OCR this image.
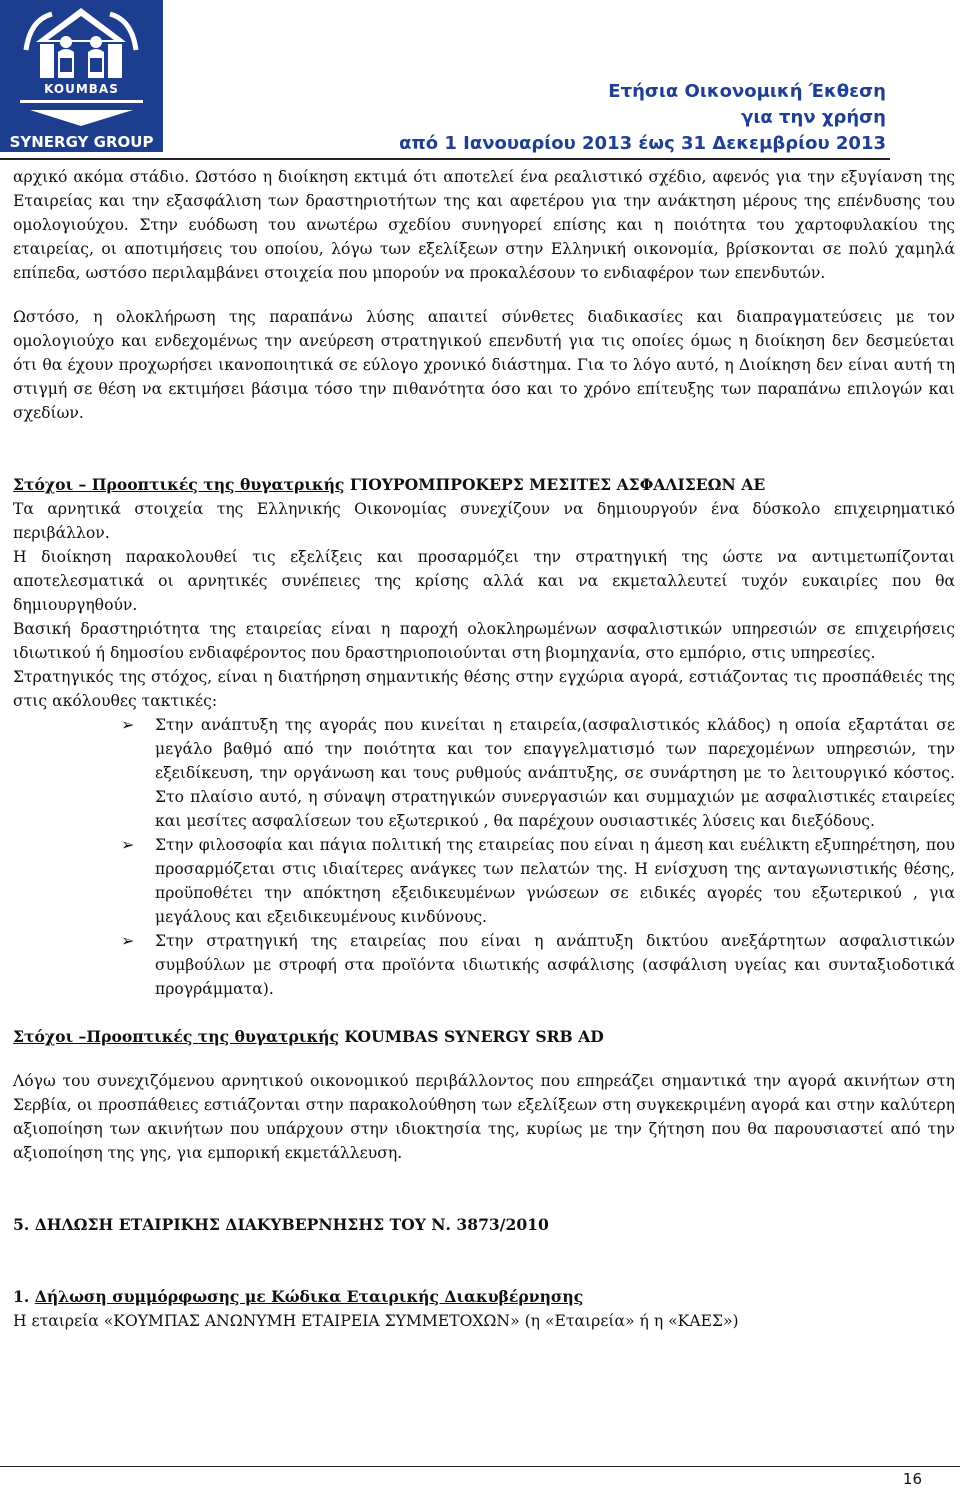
KOUMBAS
SYNERGY GROUP
Ετήσια Οικονομική Έκθεση
για την χρήση
από 1 Ιανουαρίου 2013 έως 31 Δεκεμβρίου 2013

αρχικό ακόμα στάδιο. Ωστόσο η διοίκηση εκτιμά ότι αποτελεί ένα ρεαλιστικό σχέδιο, αφενός για την εξυγίανση της Εταιρείας και την εξασφάλιση των δραστηριοτήτων της και αφετέρου για την ανάκτηση μέρους της επένδυσης του ομολογιούχου. Στην ευόδωση του ανωτέρω σχεδίου συνηγορεί επίσης και η ποιότητα του χαρτοφυλακίου της εταιρείας, οι αποτιμήσεις του οποίου, λόγω των εξελίξεων στην Ελληνική οικονομία, βρίσκονται σε πολύ χαμηλά επίπεδα, ωστόσο περιλαμβάνει στοιχεία που μπορούν να προκαλέσουν το ενδιαφέρον των επενδυτών.

Ωστόσο, η ολοκλήρωση της παραπάνω λύσης απαιτεί σύνθετες διαδικασίες και διαπραγματεύσεις με τον ομολογιούχο και ενδεχομένως την ανεύρεση στρατηγικού επενδυτή για τις οποίες όμως η διοίκηση δεν δεσμεύεται ότι θα έχουν προχωρήσει ικανοποιητικά σε εύλογο χρονικό διάστημα. Για το λόγο αυτό, η Διοίκηση δεν είναι αυτή τη στιγμή σε θέση να εκτιμήσει βάσιμα τόσο την πιθανότητα όσο και το χρόνο επίτευξης των παραπάνω επιλογών και σχεδίων.

Στόχοι – Προοπτικές της θυγατρικής ΓΙΟΥΡΟΜΠΡΟΚΕΡΣ ΜΕΣΙΤΕΣ ΑΣΦΑΛΙΣΕΩΝ ΑΕ

Τα αρνητικά στοιχεία της Ελληνικής Οικονομίας συνεχίζουν να δημιουργούν ένα δύσκολο επιχειρηματικό περιβάλλον.

Η διοίκηση παρακολουθεί τις εξελίξεις και προσαρμόζει την στρατηγική της ώστε να αντιμετωπίζονται αποτελεσματικά οι αρνητικές συνέπειες της κρίσης αλλά και να εκμεταλλευτεί τυχόν ευκαιρίες που θα δημιουργηθούν.

Βασική δραστηριότητα της εταιρείας είναι η παροχή ολοκληρωμένων ασφαλιστικών υπηρεσιών σε επιχειρήσεις ιδιωτικού ή δημοσίου ενδιαφέροντος που δραστηριοποιούνται στη βιομηχανία, στο εμπόριο, στις υπηρεσίες.

Στρατηγικός της στόχος, είναι η διατήρηση σημαντικής θέσης στην εγχώρια αγορά, εστιάζοντας τις προσπάθειές της στις ακόλουθες τακτικές:

➢ Στην ανάπτυξη της αγοράς που κινείται η εταιρεία,(ασφαλιστικός κλάδος) η οποία εξαρτάται σε μεγάλο βαθμό από την ποιότητα και τον επαγγελματισμό των παρεχομένων υπηρεσιών, την εξειδίκευση, την οργάνωση και τους ρυθμούς ανάπτυξης, σε συνάρτηση με το λειτουργικό κόστος. Στο πλαίσιο αυτό, η σύναψη στρατηγικών συνεργασιών και συμμαχιών με ασφαλιστικές εταιρείες και μεσίτες ασφαλίσεων του εξωτερικού , θα παρέχουν ουσιαστικές λύσεις και διεξόδους.
➢ Στην φιλοσοφία και πάγια πολιτική της εταιρείας που είναι η άμεση και ευέλικτη εξυπηρέτηση, που προσαρμόζεται στις ιδιαίτερες ανάγκες των πελατών της. Η ενίσχυση της ανταγωνιστικής θέσης, προϋποθέτει την απόκτηση εξειδικευμένων γνώσεων σε ειδικές αγορές του εξωτερικού , για μεγάλους και εξειδικευμένους κινδύνους.
➢ Στην στρατηγική της εταιρείας που είναι η ανάπτυξη δικτύου ανεξάρτητων ασφαλιστικών συμβούλων με στροφή στα προϊόντα ιδιωτικής ασφάλισης (ασφάλιση υγείας και συνταξιοδοτικά προγράμματα).

Στόχοι –Προοπτικές της θυγατρικής KOUMBAS SYNERGY SRB AD

Λόγω του συνεχιζόμενου αρνητικού οικονομικού περιβάλλοντος που επηρεάζει σημαντικά την αγορά ακινήτων στη Σερβία, οι προσπάθειες εστιάζονται στην παρακολούθηση των εξελίξεων στη συγκεκριμένη αγορά και στην καλύτερη αξιοποίηση των ακινήτων που υπάρχουν στην ιδιοκτησία της, κυρίως με την ζήτηση που θα παρουσιαστεί από την αξιοποίηση της γης, για εμπορική εκμετάλλευση.

5. ΔΗΛΩΣΗ ΕΤΑΙΡΙΚΗΣ ΔΙΑΚΥΒΕΡΝΗΣΗΣ ΤΟΥ Ν. 3873/2010

1. Δήλωση συμμόρφωσης με Κώδικα Εταιρικής Διακυβέρνησης

Η εταιρεία «ΚΟΥΜΠΑΣ ΑΝΩΝΥΜΗ ΕΤΑΙΡΕΙΑ ΣΥΜΜΕΤΟΧΩΝ» (η «Εταιρεία» ή η «ΚΑΕΣ»)

16
